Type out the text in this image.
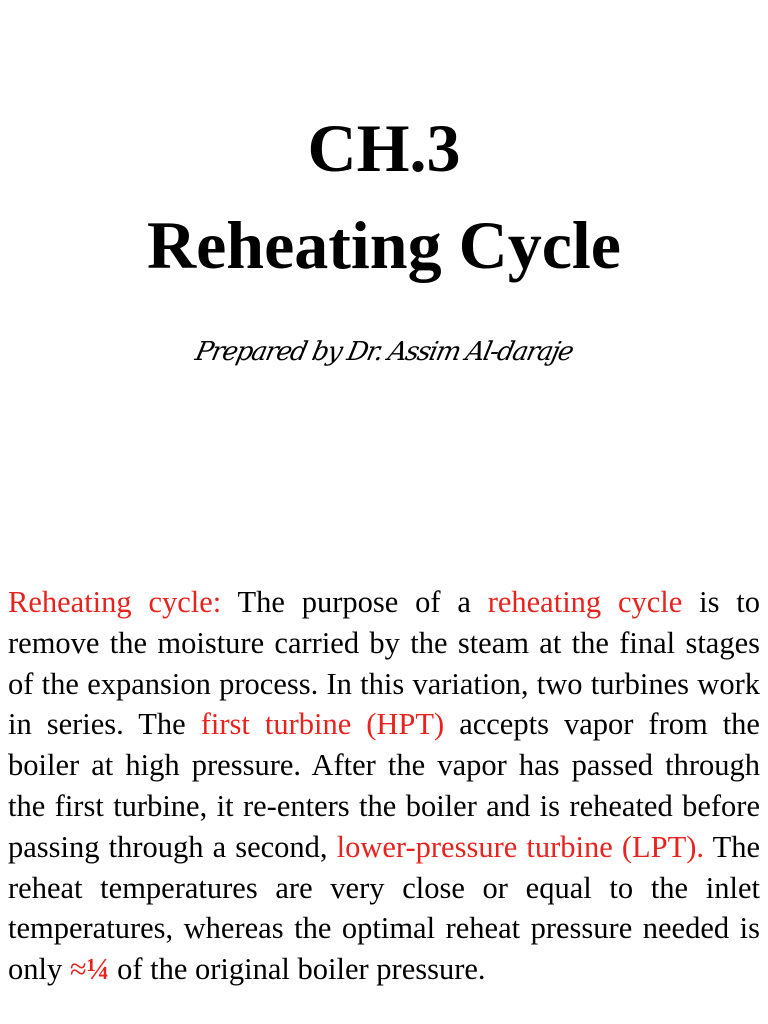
CH.3
Reheating Cycle
Prepared by Dr. Assim Al-daraje

Reheating cycle: The purpose of a reheating cycle is to remove the moisture carried by the steam at the final stages of the expansion process. In this variation, two turbines work in series. The first turbine (HPT) accepts vapor from the boiler at high pressure. After the vapor has passed through the first turbine, it re-enters the boiler and is reheated before passing through a second, lower-pressure turbine (LPT). The reheat temperatures are very close or equal to the inlet temperatures, whereas the optimal reheat pressure needed is only ≈¼ of the original boiler pressure.
